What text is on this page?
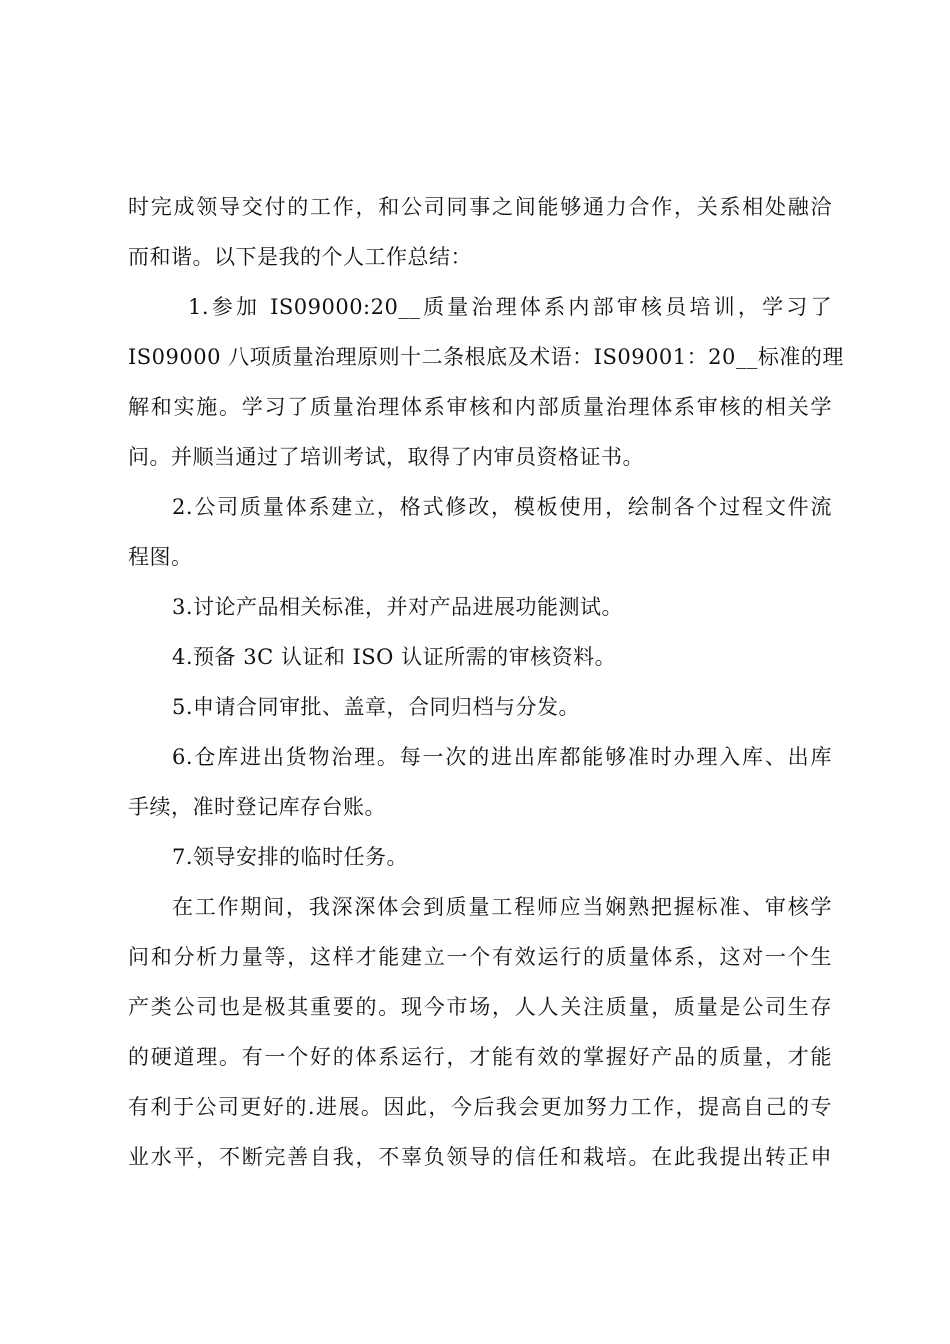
时完成领导交付的工作，和公司同事之间能够通力合作，关系相处融洽
而和谐。以下是我的个人工作总结：
1.参加 IS09000:20__质量治理体系内部审核员培训，学习了
IS09000 八项质量治理原则十二条根底及术语：IS09001：20__标准的理
解和实施。学习了质量治理体系审核和内部质量治理体系审核的相关学
问。并顺当通过了培训考试，取得了内审员资格证书。
2.公司质量体系建立，格式修改，模板使用，绘制各个过程文件流
程图。
3.讨论产品相关标准，并对产品进展功能测试。
4.预备 3C 认证和 ISO 认证所需的审核资料。
5.申请合同审批、盖章，合同归档与分发。
6.仓库进出货物治理。每一次的进出库都能够准时办理入库、出库
手续，准时登记库存台账。
7.领导安排的临时任务。
在工作期间，我深深体会到质量工程师应当娴熟把握标准、审核学
问和分析力量等，这样才能建立一个有效运行的质量体系，这对一个生
产类公司也是极其重要的。现今市场，人人关注质量，质量是公司生存
的硬道理。有一个好的体系运行，才能有效的掌握好产品的质量，才能
有利于公司更好的.进展。因此，今后我会更加努力工作，提高自己的专
业水平，不断完善自我，不辜负领导的信任和栽培。在此我提出转正申
